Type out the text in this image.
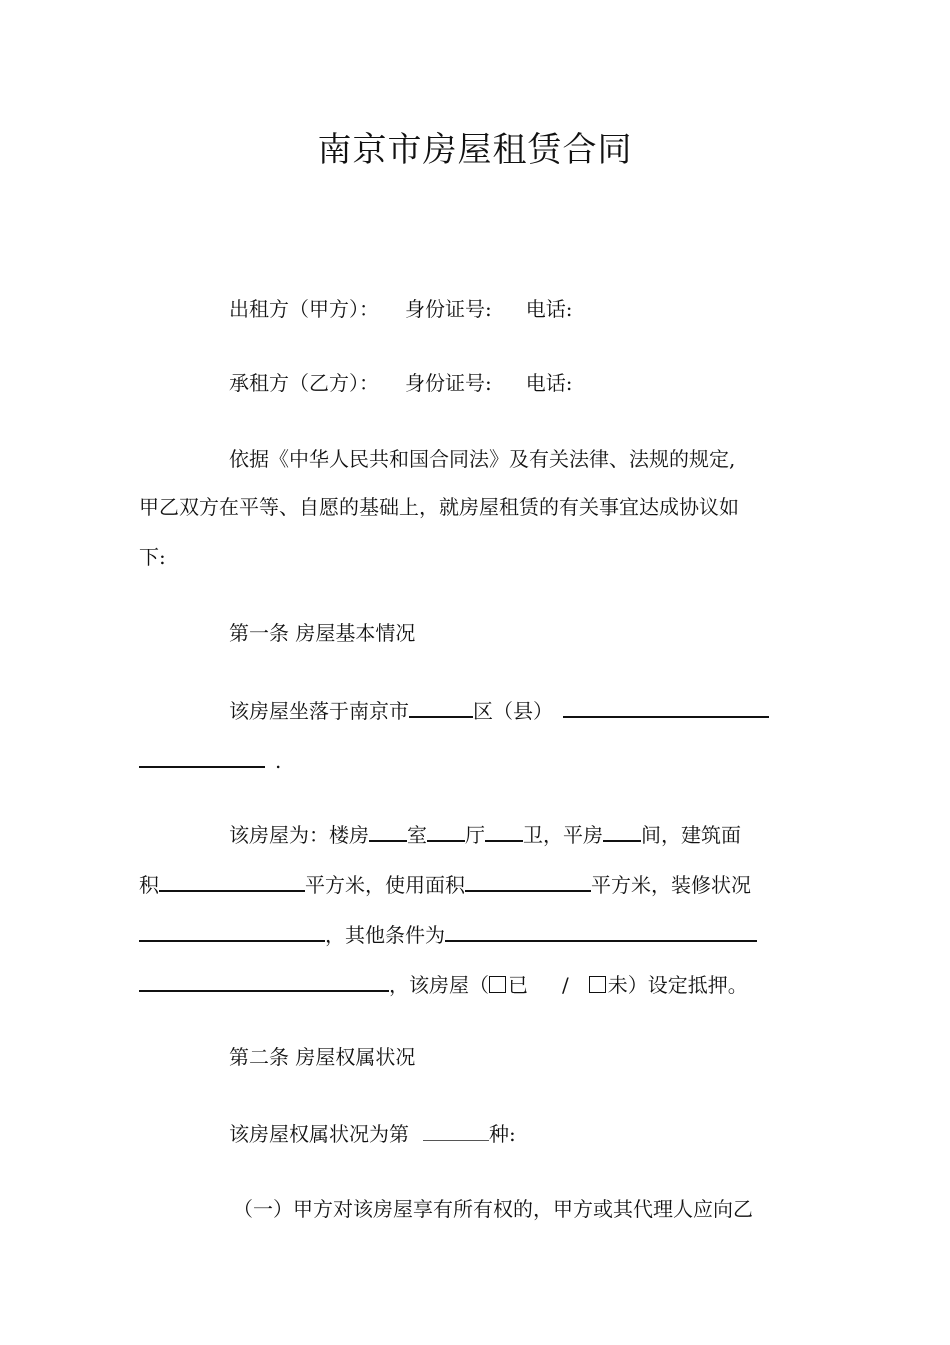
南京市房屋租赁合同
出租方（甲方）： 身份证号: 电话:
承租方（乙方）： 身份证号: 电话:
依据《中华人民共和国合同法》及有关法律、法规的规定,
甲乙双方在平等、自愿的基础上，就房屋租赁的有关事宜达成协议如
下:
第一条 房屋基本情况
该房屋坐落于南京市	区（县）
.
该房屋为：楼房 室 厅 卫，平房 间，建筑面
积	平方米，使用面积	平方米，装修状况
，其他条件为
，该房屋（ 已 / 未）设定抵押。
第二条 房屋权属状况
该房屋权属状况为第	种:
（一）甲方对该房屋享有所有权的，甲方或其代理人应向乙
